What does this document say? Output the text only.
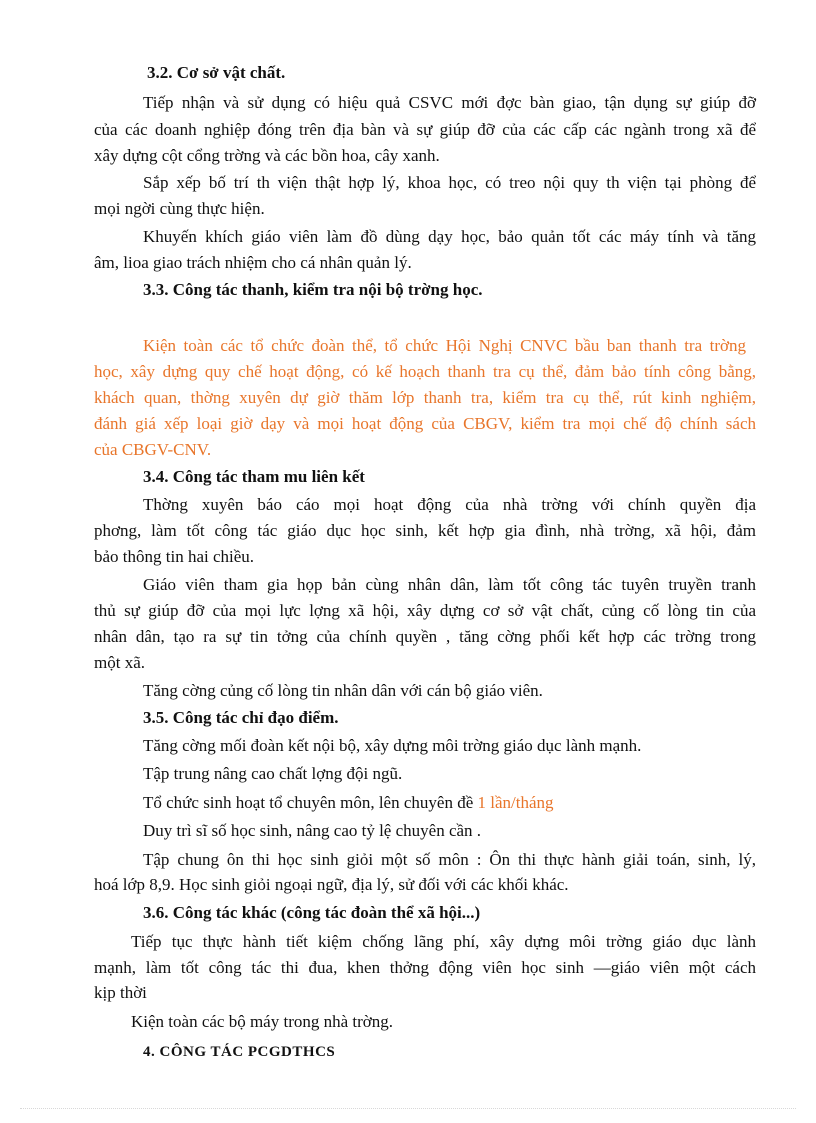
3.2. Cơ sở vật chất.
Tiếp nhận và sử dụng có hiệu quả CSVC mới đợc bàn giao, tận dụng sự giúp đỡ
của các doanh nghiệp đóng trên địa bàn và sự giúp đỡ của các cấp các ngành trong xã để
xây dựng cột cổng trờng và các bồn hoa, cây xanh.
Sắp xếp bố trí th viện thật hợp lý, khoa học, có treo nội quy th viện tại phòng để
mọi ngời cùng thực hiện.
Khuyến khích giáo viên làm đồ dùng dạy học, bảo quản tốt các máy tính và tăng
âm, lioa giao trách nhiệm cho cá nhân quản lý.
3.3. Công tác thanh, kiểm tra nội bộ trờng học.
Kiện toàn các tổ chức đoàn thể, tổ chức Hội Nghị CNVC bầu ban thanh tra trờng
học, xây dựng quy chế hoạt động, có kế hoạch thanh tra cụ thể, đảm bảo tính công bằng,
khách quan, thờng xuyên dự giờ thăm lớp thanh tra, kiểm tra cụ thể, rút kinh nghiệm,
đánh giá xếp loại giờ dạy và mọi hoạt động của CBGV, kiểm tra mọi chế độ chính sách
của CBGV-CNV.
3.4. Công tác tham mu liên kết
Thờng xuyên báo cáo mọi hoạt động của nhà trờng với chính quyền địa
phơng, làm tốt công tác giáo dục học sinh, kết hợp gia đình, nhà trờng, xã hội, đảm
bảo thông tin hai chiều.
Giáo viên tham gia họp bản cùng nhân dân, làm tốt công tác tuyên truyền tranh
thủ sự giúp đỡ của mọi lực lợng xã hội, xây dựng cơ sở vật chất, củng cố lòng tin của
nhân dân, tạo ra sự tin tởng của chính quyền , tăng cờng phối kết hợp các trờng trong
một xã.
Tăng cờng củng cố lòng tin nhân dân với cán bộ giáo viên.
3.5. Công tác chỉ đạo điểm.
Tăng cờng mối đoàn kết nội bộ, xây dựng môi trờng giáo dục lành mạnh.
Tập trung nâng cao chất lợng đội ngũ.
Tổ chức sinh hoạt tổ chuyên môn, lên chuyên đề 1 lần/tháng
Duy trì sĩ số học sinh, nâng cao tỷ lệ chuyên cần .
Tập chung ôn thi học sinh giỏi một số môn : Ôn thi thực hành giải toán, sinh, lý,
hoá lớp 8,9. Học sinh giỏi ngoại ngữ, địa lý, sử đối với các khối khác.
3.6. Công tác khác (công tác đoàn thể xã hội...)
Tiếp tục thực hành tiết kiệm chống lãng phí, xây dựng môi trờng giáo dục lành
mạnh, làm tốt công tác thi đua, khen thởng động viên học sinh —giáo viên một cách
kịp thời
Kiện toàn các bộ máy trong nhà trờng.
4. CÔNG TÁC PCGDTHCS
